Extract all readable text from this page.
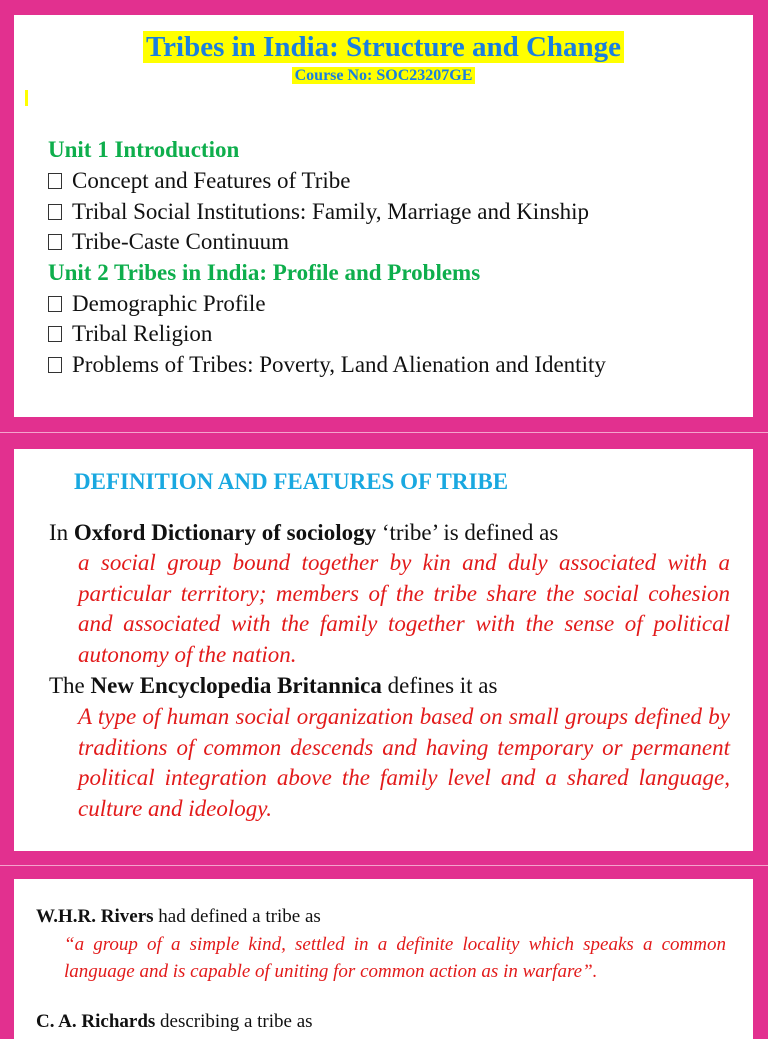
Tribes in India: Structure and Change
Course No: SOC23207GE
Unit 1 Introduction
Concept and Features of Tribe
Tribal Social Institutions: Family, Marriage and Kinship
Tribe-Caste Continuum
Unit 2 Tribes in India: Profile and Problems
Demographic Profile
Tribal Religion
Problems of Tribes: Poverty, Land Alienation and Identity
DEFINITION AND FEATURES OF TRIBE
In Oxford Dictionary of sociology ‘tribe’ is defined as
a social group bound together by kin and duly associated with a particular territory; members of the tribe share the social cohesion and associated with the family together with the sense of political autonomy of the nation.
The New Encyclopedia Britannica defines it as
A type of human social organization based on small groups defined by traditions of common descends and having temporary or permanent political integration above the family level and a shared language, culture and ideology.
W.H.R. Rivers had defined a tribe as
“a group of a simple kind, settled in a definite locality which speaks a common language and is capable of uniting for common action as in warfare”.
C. A. Richards describing a tribe as
